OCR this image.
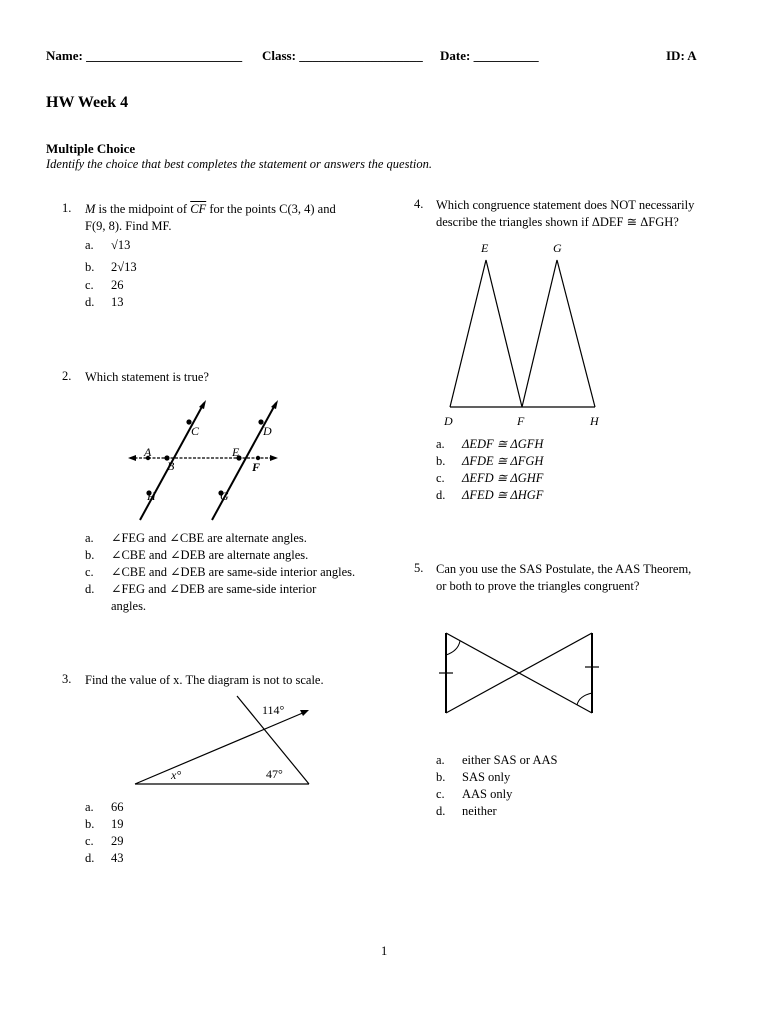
Name: ________________________ Class: ___________________ Date: __________	ID: A
HW Week 4
Multiple Choice
Identify the choice that best completes the statement or answers the question.
1. M is the midpoint of $\overline{CF}$ for the points C(3, 4) and
F(9, 8). Find MF.
a. √13
b. 2√13
c. 26
d. 13
2. Which statement is true?
A
B
C	D
E
F
G
H
a. ∠FEG and ∠CBE are alternate angles.
b. ∠CBE and ∠DEB are alternate angles.
c. ∠CBE and ∠DEB are same-side interior angles.
d. ∠FEG and ∠DEB are same-side interior
angles.
3. Find the value of x. The diagram is not to scale.
114°
x°	47°
a. 66
b. 19
c. 29
d. 43
4. Which congruence statement does NOT necessarily
describe the triangles shown if ΔDEF ≅ ΔFGH?
E	G
D	F	H
a. ΔEDF ≅ ΔGFH
b. ΔFDE ≅ ΔFGH
c. ΔEFD ≅ ΔGHF
d. ΔFED ≅ ΔHGF
5. Can you use the SAS Postulate, the AAS Theorem,
or both to prove the triangles congruent?
a. either SAS or AAS
b. SAS only
c. AAS only
d. neither
1
